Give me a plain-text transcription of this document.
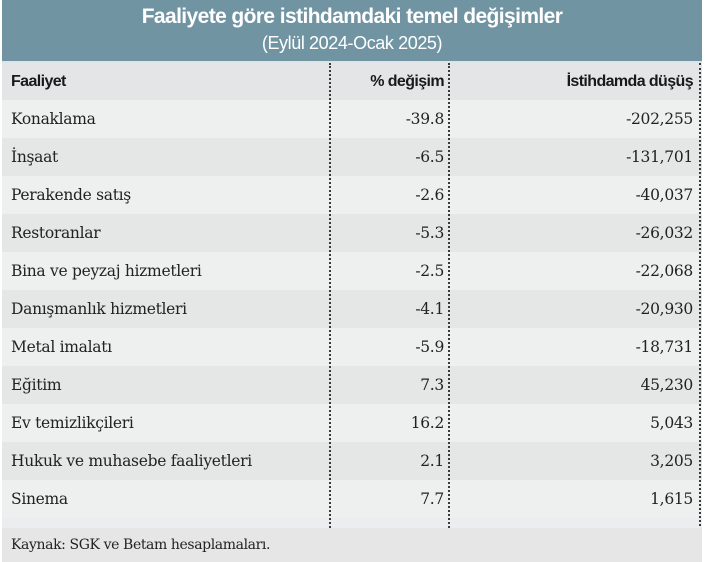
Faaliyete göre istihdamdaki temel değişimler
(Eylül 2024-Ocak 2025)
Faaliyet	% değişim	İstihdamda düşüş
Konaklama	-39.8	-202,255
İnşaat	-6.5	-131,701
Perakende satış	-2.6	-40,037
Restoranlar	-5.3	-26,032
Bina ve peyzaj hizmetleri	-2.5	-22,068
Danışmanlık hizmetleri	-4.1	-20,930
Metal imalatı	-5.9	-18,731
Eğitim	7.3	45,230
Ev temizlikçileri	16.2	5,043
Hukuk ve muhasebe faaliyetleri	2.1	3,205
Sinema	7.7	1,615
Kaynak: SGK ve Betam hesaplamaları.
